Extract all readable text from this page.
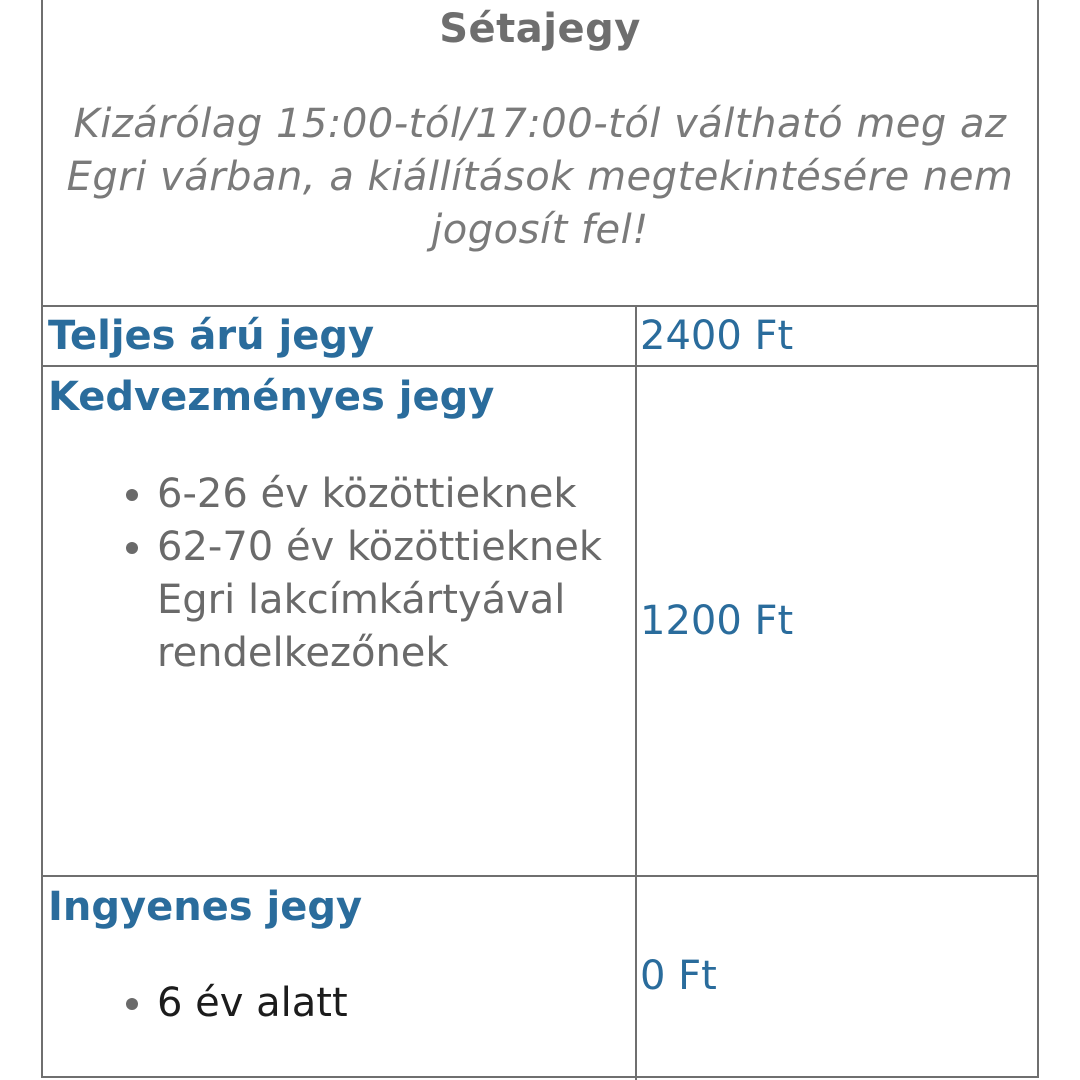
Sétajegy
Kizárólag 15:00-tól/17:00-tól váltható meg az Egri várban, a kiállítások megtekintésére nem jogosít fel!
Teljes árú jegy	2400 Ft
Kedvezményes jegy
• 6-26 év közöttieknek
• 62-70 év közöttieknek Egri lakcímkártyával rendelkezőnek
1200 Ft
Ingyenes jegy
• 6 év alatt
0 Ft
